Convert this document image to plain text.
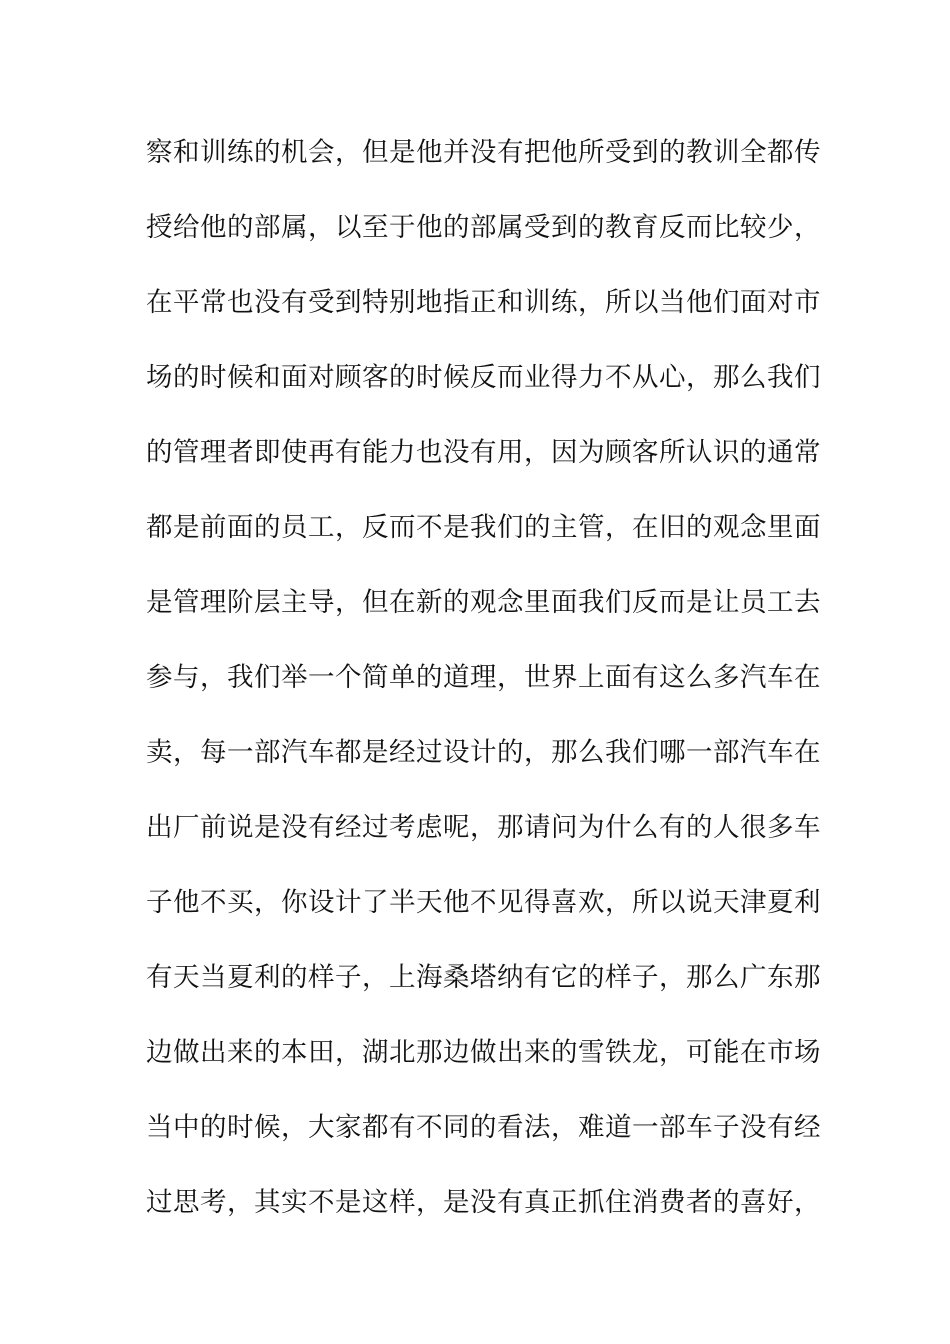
察和训练的机会，但是他并没有把他所受到的教训全都传
授给他的部属，以至于他的部属受到的教育反而比较少，
在平常也没有受到特别地指正和训练，所以当他们面对市
场的时候和面对顾客的时候反而业得力不从心，那么我们
的管理者即使再有能力也没有用，因为顾客所认识的通常
都是前面的员工，反而不是我们的主管，在旧的观念里面
是管理阶层主导，但在新的观念里面我们反而是让员工去
参与，我们举一个简单的道理，世界上面有这么多汽车在
卖，每一部汽车都是经过设计的，那么我们哪一部汽车在
出厂前说是没有经过考虑呢，那请问为什么有的人很多车
子他不买，你设计了半天他不见得喜欢，所以说天津夏利
有天当夏利的样子，上海桑塔纳有它的样子，那么广东那
边做出来的本田，湖北那边做出来的雪铁龙，可能在市场
当中的时候，大家都有不同的看法，难道一部车子没有经
过思考，其实不是这样，是没有真正抓住消费者的喜好，
